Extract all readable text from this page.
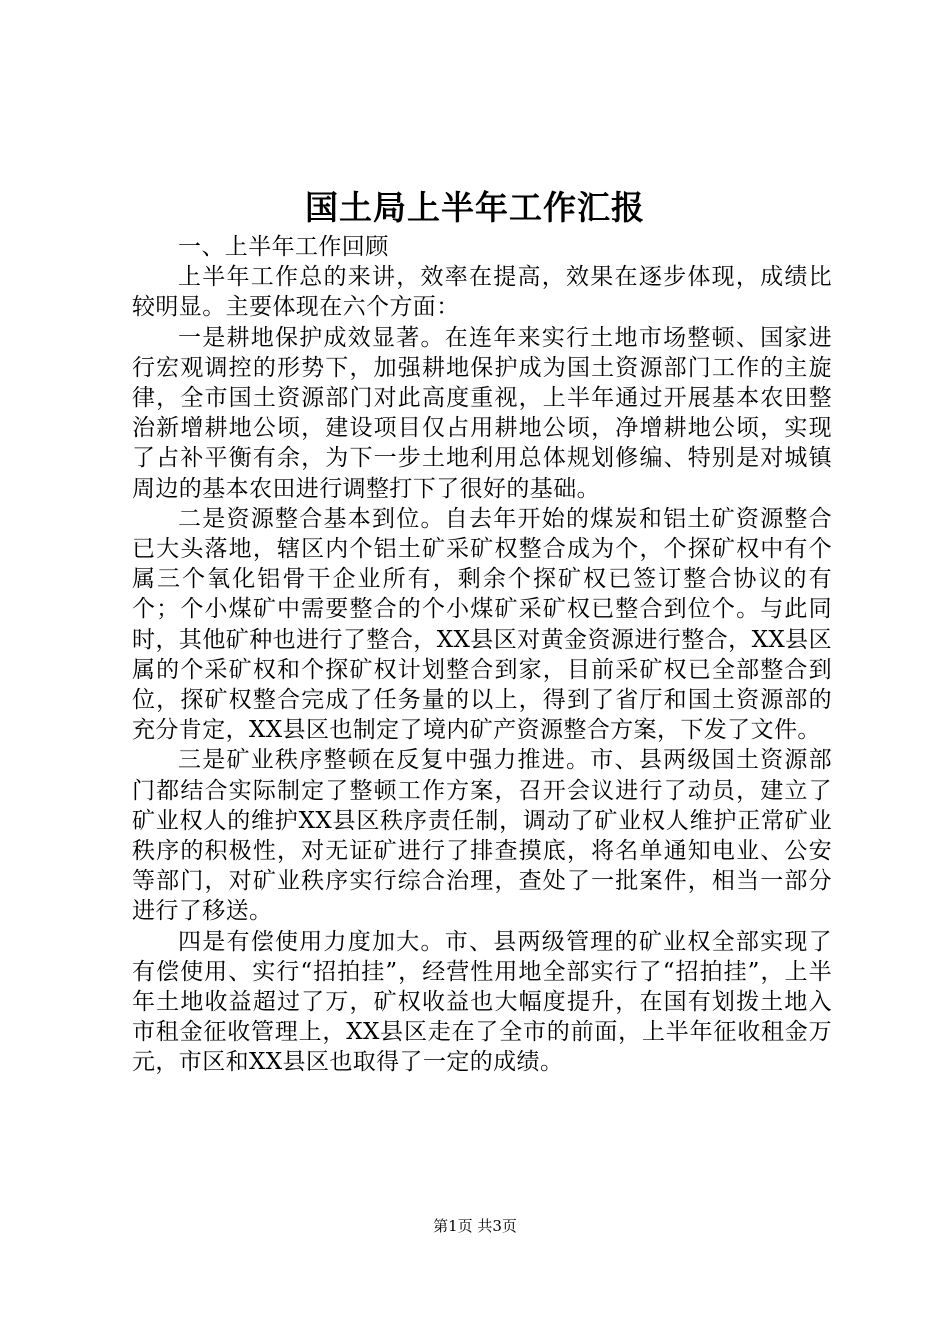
国土局上半年工作汇报

一、上半年工作回顾

上半年工作总的来讲，效率在提高，效果在逐步体现，成绩比较明显。主要体现在六个方面：

一是耕地保护成效显著。在连年来实行土地市场整顿、国家进行宏观调控的形势下，加强耕地保护成为国土资源部门工作的主旋律，全市国土资源部门对此高度重视，上半年通过开展基本农田整治新增耕地公顷，建设项目仅占用耕地公顷，净增耕地公顷，实现了占补平衡有余，为下一步土地利用总体规划修编、特别是对城镇周边的基本农田进行调整打下了很好的基础。

二是资源整合基本到位。自去年开始的煤炭和铝土矿资源整合已大头落地，辖区内个铝土矿采矿权整合成为个，个探矿权中有个属三个氧化铝骨干企业所有，剩余个探矿权已签订整合协议的有个；个小煤矿中需要整合的个小煤矿采矿权已整合到位个。与此同时，其他矿种也进行了整合，XX县区对黄金资源进行整合，XX县区属的个采矿权和个探矿权计划整合到家，目前采矿权已全部整合到位，探矿权整合完成了任务量的以上，得到了省厅和国土资源部的充分肯定，XX县区也制定了境内矿产资源整合方案，下发了文件。

三是矿业秩序整顿在反复中强力推进。市、县两级国土资源部门都结合实际制定了整顿工作方案，召开会议进行了动员，建立了矿业权人的维护XX县区秩序责任制，调动了矿业权人维护正常矿业秩序的积极性，对无证矿进行了排查摸底，将名单通知电业、公安等部门，对矿业秩序实行综合治理，查处了一批案件，相当一部分进行了移送。

四是有偿使用力度加大。市、县两级管理的矿业权全部实现了有偿使用、实行“招拍挂”，经营性用地全部实行了“招拍挂”，上半年土地收益超过了万，矿权收益也大幅度提升，在国有划拨土地入市租金征收管理上，XX县区走在了全市的前面，上半年征收租金万元，市区和XX县区也取得了一定的成绩。

第1页 共3页
